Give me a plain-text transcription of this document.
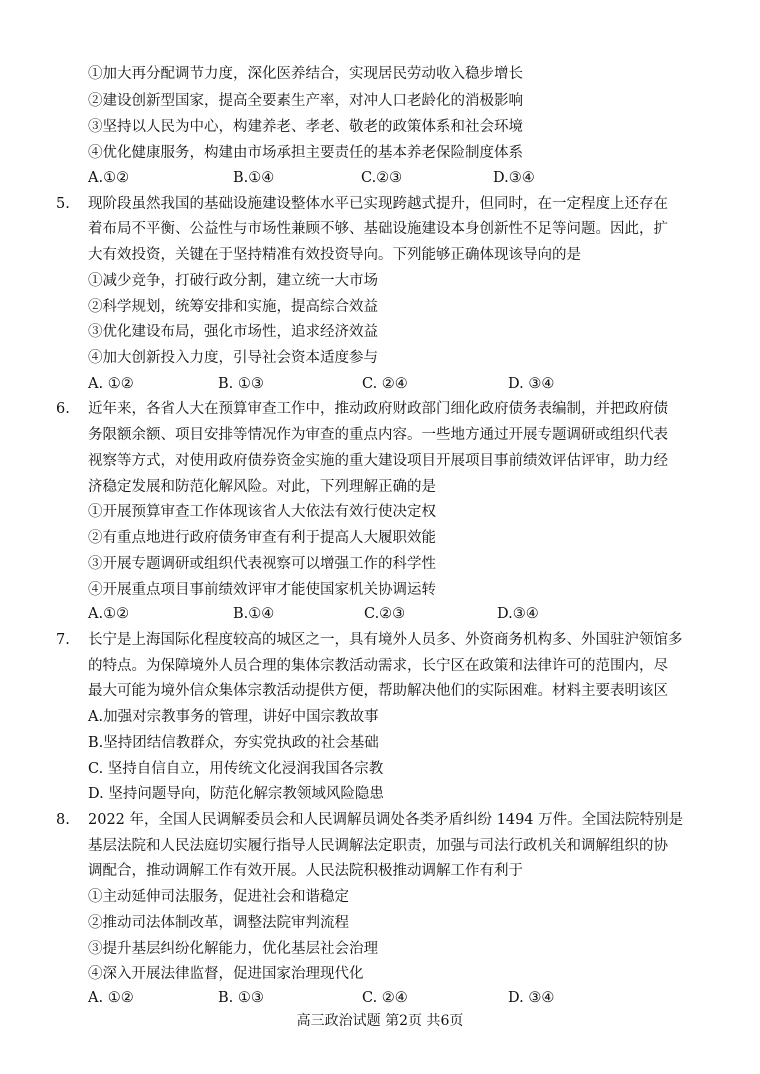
①加大再分配调节力度，深化医养结合，实现居民劳动收入稳步增长
②建设创新型国家，提高全要素生产率，对冲人口老龄化的消极影响
③坚持以人民为中心，构建养老、孝老、敬老的政策体系和社会环境
④优化健康服务，构建由市场承担主要责任的基本养老保险制度体系
A.①②	B.①④	C.②③	D.③④
5. 现阶段虽然我国的基础设施建设整体水平已实现跨越式提升，但同时，在一定程度上还存在
着布局不平衡、公益性与市场性兼顾不够、基础设施建设本身创新性不足等问题。因此，扩
大有效投资，关键在于坚持精准有效投资导向。下列能够正确体现该导向的是
①减少竞争，打破行政分割，建立统一大市场
②科学规划，统筹安排和实施，提高综合效益
③优化建设布局，强化市场性，追求经济效益
④加大创新投入力度，引导社会资本适度参与
A. ①②	B. ①③	C. ②④	D. ③④
6. 近年来，各省人大在预算审查工作中，推动政府财政部门细化政府债务表编制，并把政府债
务限额余额、项目安排等情况作为审查的重点内容。一些地方通过开展专题调研或组织代表
视察等方式，对使用政府债券资金实施的重大建设项目开展项目事前绩效评估评审，助力经
济稳定发展和防范化解风险。对此，下列理解正确的是
①开展预算审查工作体现该省人大依法有效行使决定权
②有重点地进行政府债务审查有利于提高人大履职效能
③开展专题调研或组织代表视察可以增强工作的科学性
④开展重点项目事前绩效评审才能使国家机关协调运转
A.①②	B.①④	C.②③	D.③④
7. 长宁是上海国际化程度较高的城区之一，具有境外人员多、外资商务机构多、外国驻沪领馆多
的特点。为保障境外人员合理的集体宗教活动需求，长宁区在政策和法律许可的范围内，尽
最大可能为境外信众集体宗教活动提供方便，帮助解决他们的实际困难。材料主要表明该区
A.加强对宗教事务的管理，讲好中国宗教故事
B.坚持团结信教群众，夯实党执政的社会基础
C. 坚持自信自立，用传统文化浸润我国各宗教
D. 坚持问题导向，防范化解宗教领域风险隐患
8. 2022 年，全国人民调解委员会和人民调解员调处各类矛盾纠纷 1494 万件。全国法院特别是
基层法院和人民法庭切实履行指导人民调解法定职责，加强与司法行政机关和调解组织的协
调配合，推动调解工作有效开展。人民法院积极推动调解工作有利于
①主动延伸司法服务，促进社会和谐稳定
②推动司法体制改革，调整法院审判流程
③提升基层纠纷化解能力，优化基层社会治理
④深入开展法律监督，促进国家治理现代化
A. ①②	B. ①③	C. ②④	D. ③④
高三政治试题 第2页 共6页
